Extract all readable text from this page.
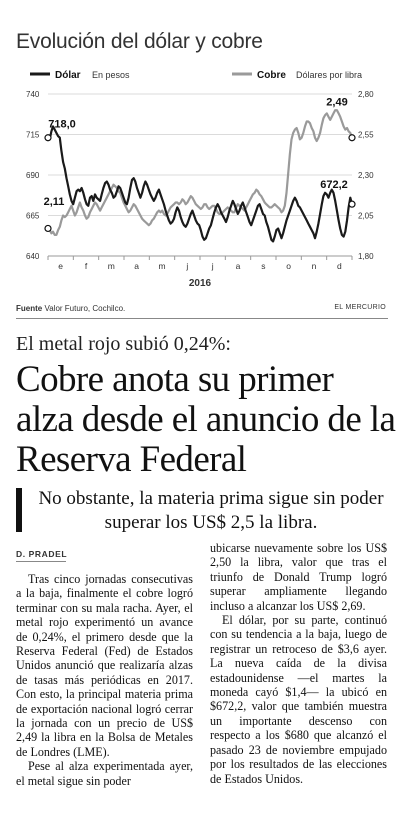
Evolución del dólar y cobre
640	1,80
665	2,05
690	2,30
715	2,55
740	2,80
e	f m a m j	j	a s o n d
2016
Dólar En pesos	Cobre Dólares por libra
718,0
2,11
2,49
672,2
Fuente Valor Futuro, Cochilco.	EL MERCURIO
El metal rojo subió 0,24%:
Cobre anota su primer alza desde el anuncio de la Reserva Federal
No obstante, la materia prima sigue sin poder superar los US$ 2,5 la libra.
D. PRADEL

Tras cinco jornadas consecutivas a la baja, finalmente el cobre logró terminar con su mala racha. Ayer, el metal rojo experimentó un avance de 0,24%, el primero desde que la Reserva Federal (Fed) de Estados Unidos anunció que realizaría alzas de tasas más periódicas en 2017. Con esto, la principal materia prima de exportación nacional logró cerrar la jornada con un precio de US$ 2,49 la libra en la Bolsa de Metales de Londres (LME).

Pese al alza experimentada ayer, el metal sigue sin poder

ubicarse nuevamente sobre los US$ 2,50 la libra, valor que tras el triunfo de Donald Trump logró superar ampliamente llegando incluso a alcanzar los US$ 2,69.

El dólar, por su parte, continuó con su tendencia a la baja, luego de registrar un retroceso de $3,6 ayer. La nueva caída de la divisa estadounidense —el martes la moneda cayó $1,4— la ubicó en $672,2, valor que también muestra un importante descenso con respecto a los $680 que alcanzó el pasado 23 de noviembre empujado por los resultados de las elecciones de Estados Unidos.
